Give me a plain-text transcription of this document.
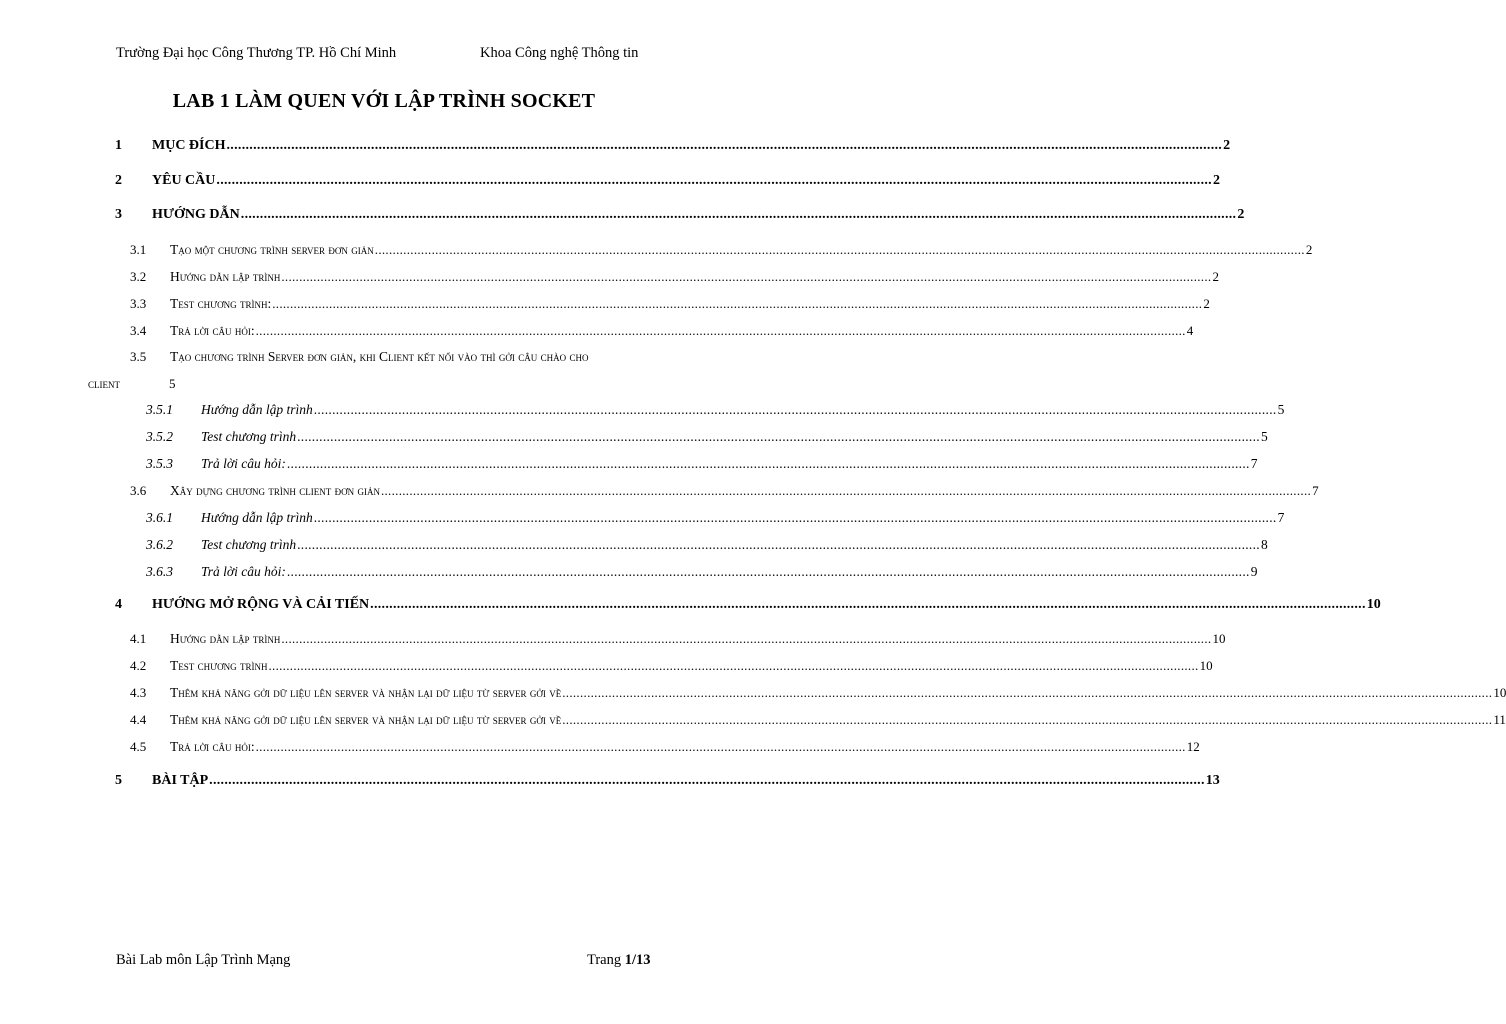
Trường Đại học Công Thương TP. Hồ Chí Minh	Khoa Công nghệ Thông tin
LAB 1 LÀM QUEN VỚI LẬP TRÌNH SOCKET
1 MỤC ĐÍCH .....	2
2 YÊU CẦU .....	2
3 HƯỚNG DẪN .....	2
3.1 Tạo một chương trình server đơn giản .....	2
3.2 Hướng dẫn lập trình .....	2
3.3 Test chương trình: .....	2
3.4 Trả lời câu hỏi: .....	4
3.5 Tạo chương trình Server đơn giản, khi Client kết nối vào thì gởi câu chào cho
client	5
3.5.1 Hướng dẫn lập trình .....	5
3.5.2 Test chương trình .....	5
3.5.3 Trả lời câu hỏi: .....	7
3.6 Xây dựng chương trình client đơn giản .....	7
3.6.1 Hướng dẫn lập trình .....	7
3.6.2 Test chương trình .....	8
3.6.3 Trả lời câu hỏi: .....	9
4 HƯỚNG MỞ RỘNG VÀ CẢI TIẾN .....	10
4.1 Hướng dẫn lập trình .....	10
4.2 Test chương trình .....	10
4.3 Thêm khả năng gởi dữ liệu lên server và nhận lại dữ liệu từ server gởi về .....	10
4.4 Thêm khả năng gởi dữ liệu lên server và nhận lại dữ liệu từ server gởi về .....	11
4.5 Trả lời câu hỏi: .....	12
5 BÀI TẬP .....	13
Bài Lab môn Lập Trình Mạng	Trang 1/13
